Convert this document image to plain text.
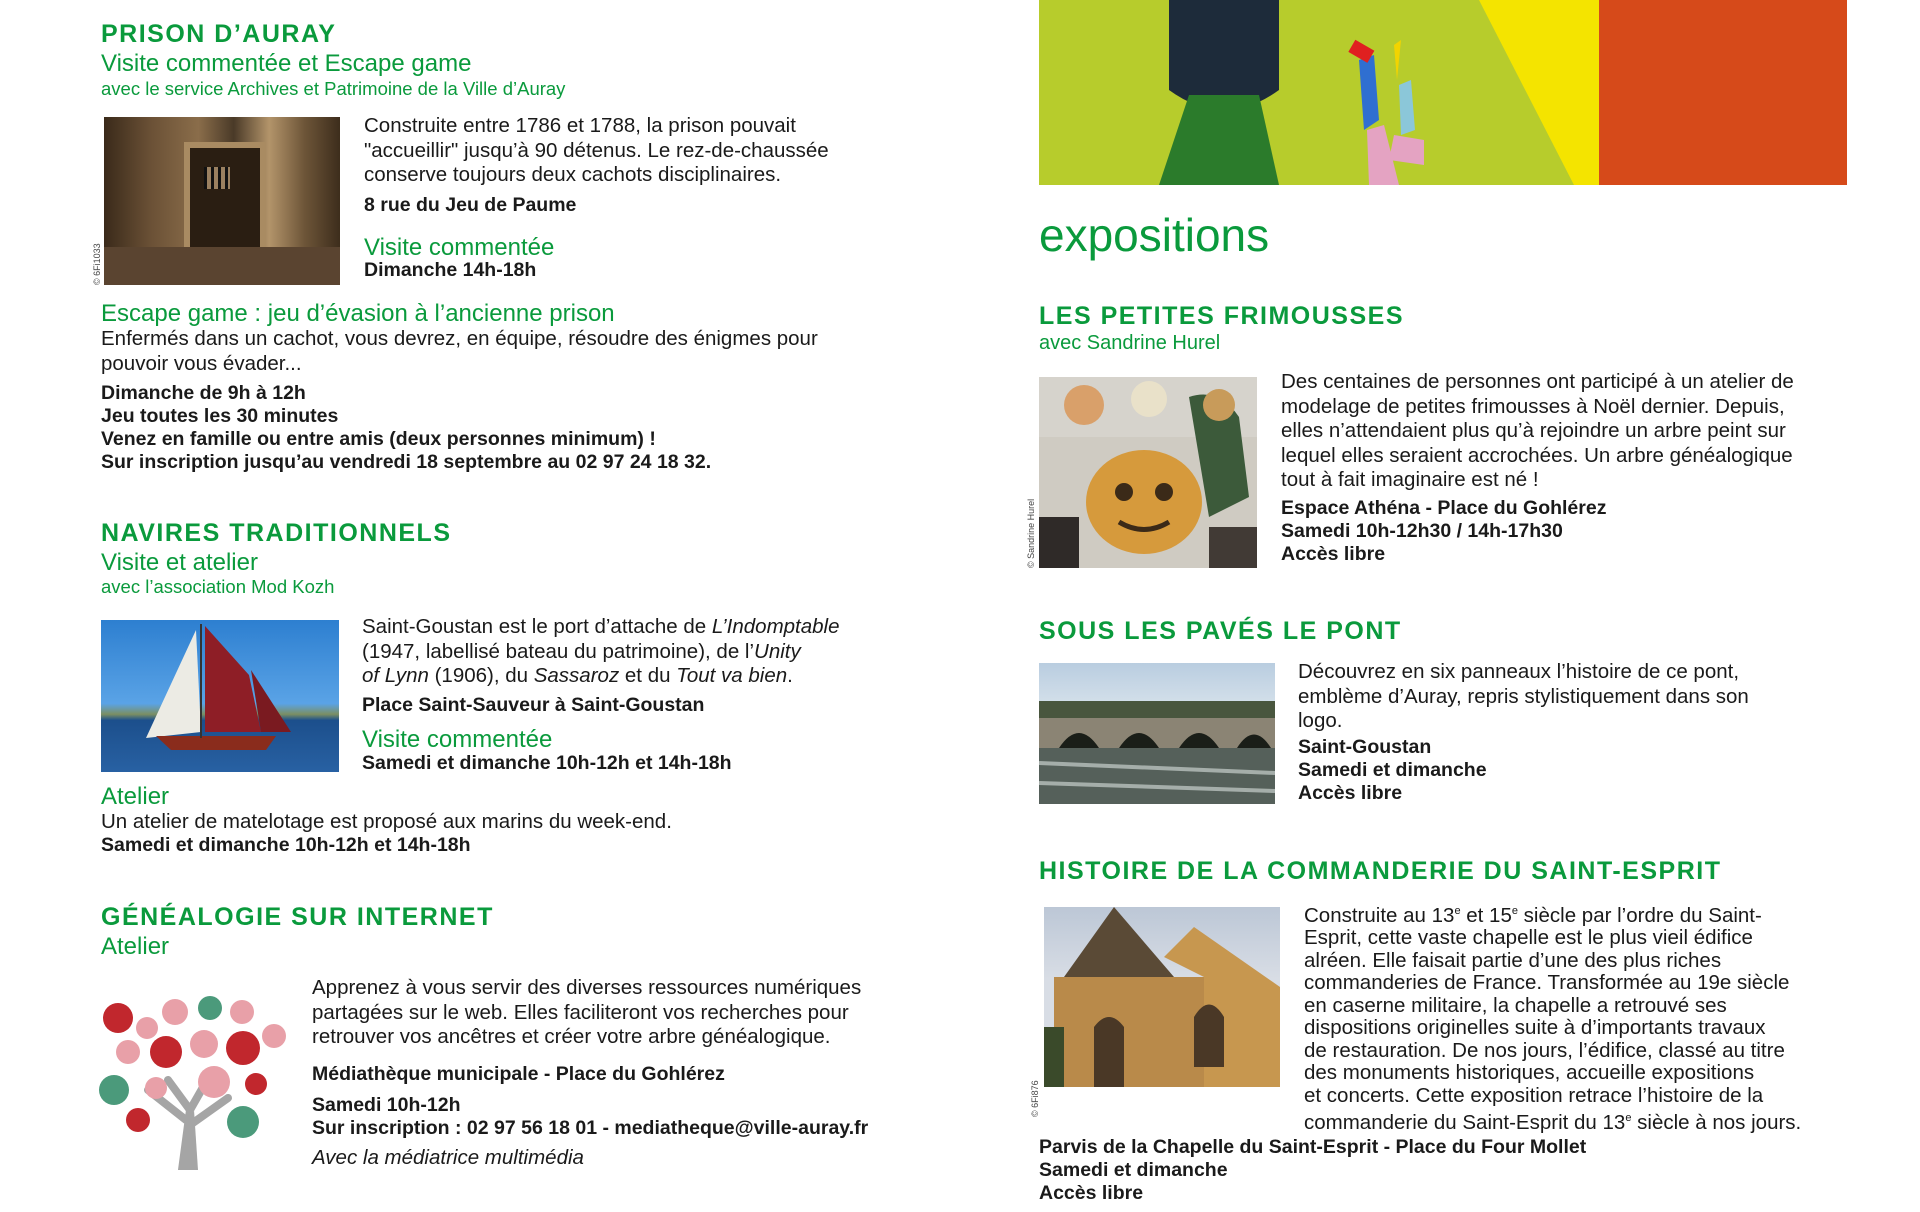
PRISON D’AURAY
Visite commentée et Escape game
avec le service Archives et Patrimoine de la Ville d’Auray
© 6Fi1033
Construite entre 1786 et 1788, la prison pouvait
"accueillir" jusqu’à 90 détenus. Le rez-de-chaussée
conserve toujours deux cachots disciplinaires.
8 rue du Jeu de Paume
Visite commentée
Dimanche 14h-18h
Escape game : jeu d’évasion à l’ancienne prison
Enfermés dans un cachot, vous devrez, en équipe, résoudre des énigmes pour
pouvoir vous évader...
Dimanche de 9h à 12h
Jeu toutes les 30 minutes
Venez en famille ou entre amis (deux personnes minimum) !
Sur inscription jusqu’au vendredi 18 septembre au 02 97 24 18 32.
NAVIRES TRADITIONNELS
Visite et atelier
avec l’association Mod Kozh
Saint-Goustan est le port d’attache de L’Indomptable
(1947, labellisé bateau du patrimoine), de l’Unity
of Lynn (1906), du Sassaroz et du Tout va bien.
Place Saint-Sauveur à Saint-Goustan
Visite commentée
Samedi et dimanche 10h-12h et 14h-18h
Atelier
Un atelier de matelotage est proposé aux marins du week-end.
Samedi et dimanche 10h-12h et 14h-18h
GÉNÉALOGIE SUR INTERNET
Atelier
Apprenez à vous servir des diverses ressources numériques
partagées sur le web. Elles faciliteront vos recherches pour
retrouver vos ancêtres et créer votre arbre généalogique.
Médiathèque municipale - Place du Gohlérez
Samedi 10h-12h
Sur inscription : 02 97 56 18 01 - mediatheque@ville-auray.fr
Avec la médiatrice multimédia
expositions
LES PETITES FRIMOUSSES
avec Sandrine Hurel
© Sandrine Hurel
Des centaines de personnes ont participé à un atelier de
modelage de petites frimousses à Noël dernier. Depuis,
elles n’attendaient plus qu’à rejoindre un arbre peint sur
lequel elles seraient accrochées. Un arbre généalogique
tout à fait imaginaire est né !
Espace Athéna - Place du Gohlérez
Samedi 10h-12h30 / 14h-17h30
Accès libre
SOUS LES PAVÉS LE PONT
Découvrez en six panneaux l’histoire de ce pont,
emblème d’Auray, repris stylistiquement dans son
logo.
Saint-Goustan
Samedi et dimanche
Accès libre
HISTOIRE DE LA COMMANDERIE DU SAINT-ESPRIT
© 6Fi876
Construite au 13e et 15e siècle par l’ordre du Saint-
Esprit, cette vaste chapelle est le plus vieil édifice
alréen. Elle faisait partie d’une des plus riches
commanderies de France. Transformée au 19e siècle
en caserne militaire, la chapelle a retrouvé ses
dispositions originelles suite à d’importants travaux
de restauration. De nos jours, l’édifice, classé au titre
des monuments historiques, accueille expositions
et concerts. Cette exposition retrace l’histoire de la
commanderie du Saint-Esprit du 13e siècle à nos jours.
Parvis de la Chapelle du Saint-Esprit - Place du Four Mollet
Samedi et dimanche
Accès libre
